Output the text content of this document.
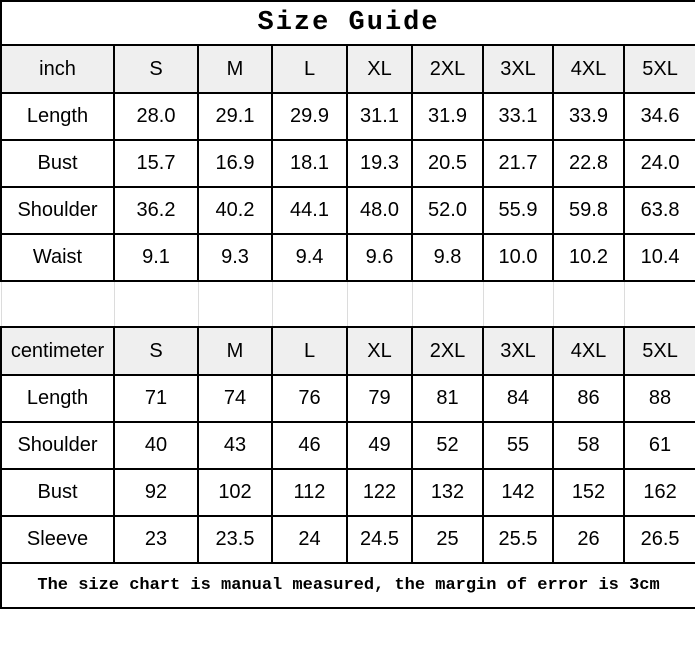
Size Guide								
inch	S	M	L	XL	2XL	3XL	4XL	5XL
Length	28.0	29.1	29.9	31.1	31.9	33.1	33.9	34.6
Bust	15.7	16.9	18.1	19.3	20.5	21.7	22.8	24.0
Shoulder	36.2	40.2	44.1	48.0	52.0	55.9	59.8	63.8
Waist	9.1	9.3	9.4	9.6	9.8	10.0	10.2	10.4

centimeter	S	M	L	XL	2XL	3XL	4XL	5XL
Length	71	74	76	79	81	84	86	88
Shoulder	40	43	46	49	52	55	58	61
Bust	92	102	112	122	132	142	152	162
Sleeve	23	23.5	24	24.5	25	25.5	26	26.5
The size chart is manual measured, the margin of error is 3cm								
